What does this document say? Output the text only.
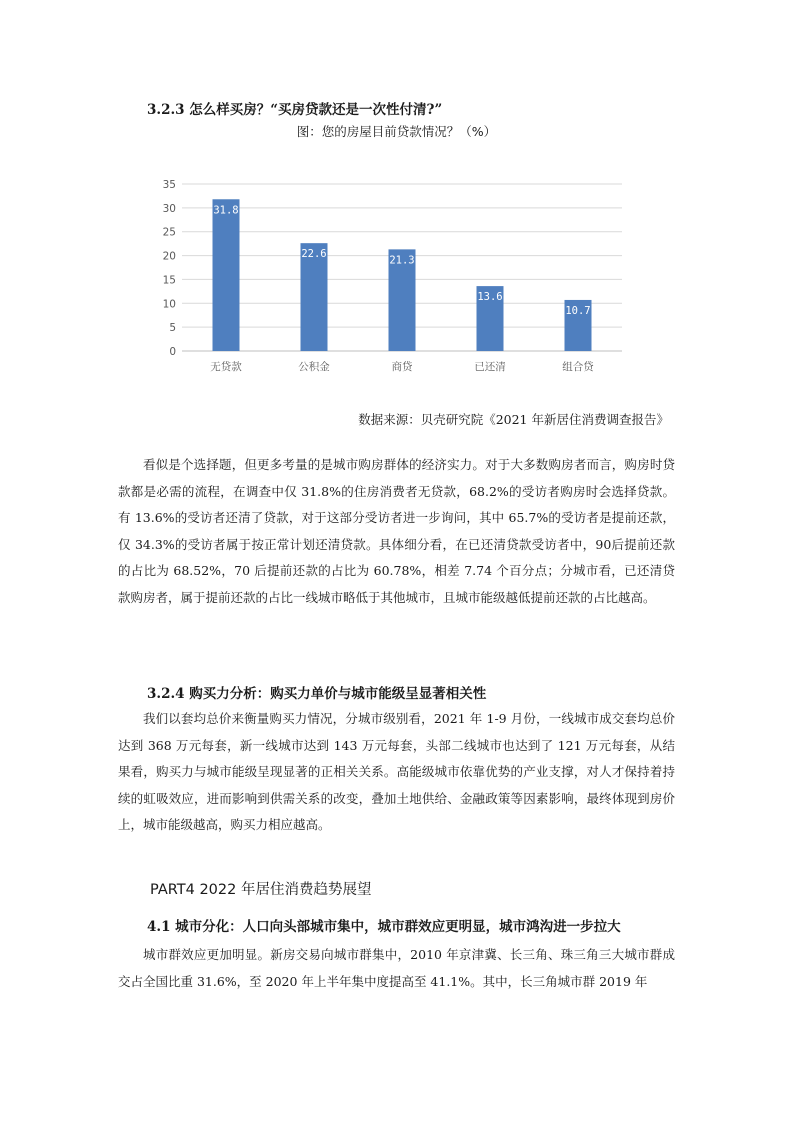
3.2.3 怎么样买房？“买房贷款还是一次性付清?”
图：您的房屋目前贷款情况？（%）
0
5
10
15
20
25
30
35
31.8
无贷款
22.6
公积金
21.3
商贷
13.6
已还清
10.7
组合贷
数据来源：贝壳研究院《2021 年新居住消费调查报告》

看似是个选择题，但更多考量的是城市购房群体的经济实力。对于大多数购房者而言，购房时贷款都是必需的流程，在调查中仅 31.8%的住房消费者无贷款，68.2%的受访者购房时会选择贷款。有 13.6%的受访者还清了贷款，对于这部分受访者进一步询问，其中 65.7%的受访者是提前还款，仅 34.3%的受访者属于按正常计划还清贷款。具体细分看，在已还清贷款受访者中，90后提前还款的占比为 68.52%，70 后提前还款的占比为 60.78%，相差 7.74 个百分点；分城市看，已还清贷款购房者，属于提前还款的占比一线城市略低于其他城市，且城市能级越低提前还款的占比越高。

3.2.4 购买力分析：购买力单价与城市能级呈显著相关性

我们以套均总价来衡量购买力情况，分城市级别看，2021 年 1-9 月份，一线城市成交套均总价达到 368 万元每套，新一线城市达到 143 万元每套，头部二线城市也达到了 121 万元每套，从结果看，购买力与城市能级呈现显著的正相关关系。高能级城市依靠优势的产业支撑，对人才保持着持续的虹吸效应，进而影响到供需关系的改变，叠加土地供给、金融政策等因素影响，最终体现到房价上，城市能级越高，购买力相应越高。

PART4 2022 年居住消费趋势展望
4.1 城市分化：人口向头部城市集中，城市群效应更明显，城市鸿沟进一步拉大

城市群效应更加明显。新房交易向城市群集中，2010 年京津冀、长三角、珠三角三大城市群成交占全国比重 31.6%，至 2020 年上半年集中度提高至 41.1%。其中，长三角城市群 2019 年
